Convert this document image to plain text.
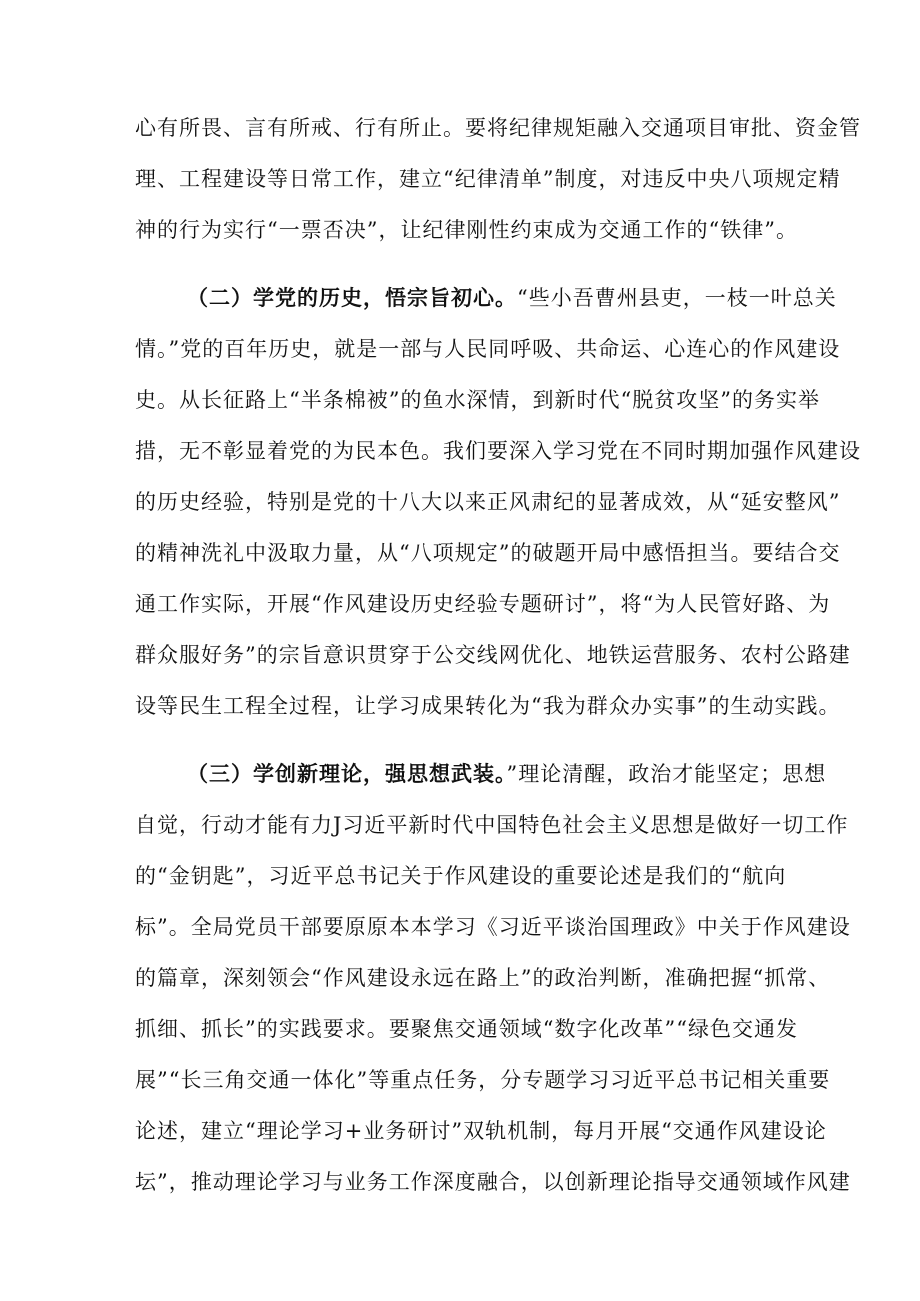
心有所畏、言有所戒、行有所止。要将纪律规矩融入交通项目审批、资金管
理、工程建设等日常工作，建立“纪律清单”制度，对违反中央八项规定精
神的行为实行“一票否决”，让纪律刚性约束成为交通工作的“铁律”。
（二）学党的历史，悟宗旨初心。“些小吾曹州县吏，一枝一叶总关
情。”党的百年历史，就是一部与人民同呼吸、共命运、心连心的作风建设
史。从长征路上“半条棉被”的鱼水深情，到新时代“脱贫攻坚”的务实举
措，无不彰显着党的为民本色。我们要深入学习党在不同时期加强作风建设
的历史经验，特别是党的十八大以来正风肃纪的显著成效，从“延安整风”
的精神洗礼中汲取力量，从“八项规定”的破题开局中感悟担当。要结合交
通工作实际，开展“作风建设历史经验专题研讨”，将“为人民管好路、为
群众服好务”的宗旨意识贯穿于公交线网优化、地铁运营服务、农村公路建
设等民生工程全过程，让学习成果转化为“我为群众办实事”的生动实践。
（三）学创新理论，强思想武装。”理论清醒，政治才能坚定；思想
自觉，行动才能有力J习近平新时代中国特色社会主义思想是做好一切工作
的“金钥匙”，习近平总书记关于作风建设的重要论述是我们的“航向
标”。全局党员干部要原原本本学习《习近平谈治国理政》中关于作风建设
的篇章，深刻领会“作风建设永远在路上”的政治判断，准确把握“抓常、
抓细、抓长”的实践要求。要聚焦交通领域“数字化改革”“绿色交通发
展”“长三角交通一体化”等重点任务，分专题学习习近平总书记相关重要
论述，建立“理论学习+业务研讨”双轨机制，每月开展“交通作风建设论
坛”，推动理论学习与业务工作深度融合，以创新理论指导交通领域作风建
